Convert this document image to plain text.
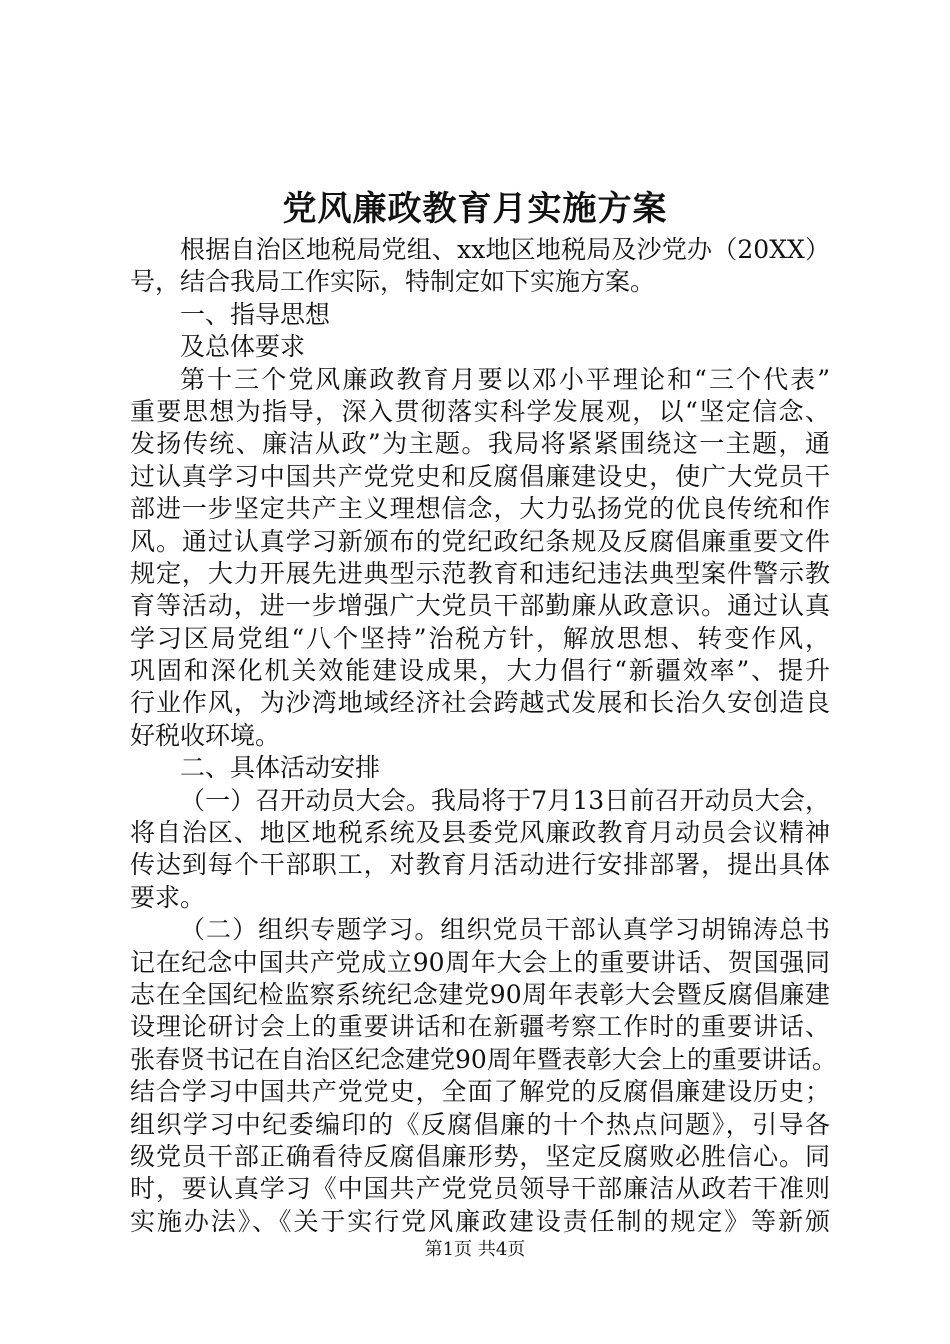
党风廉政教育月实施方案
根据自治区地税局党组、xx地区地税局及沙党办（20XX）
号，结合我局工作实际，特制定如下实施方案。
一、指导思想
及总体要求
第十三个党风廉政教育月要以邓小平理论和“三个代表”
重要思想为指导，深入贯彻落实科学发展观，以“坚定信念、
发扬传统、廉洁从政”为主题。我局将紧紧围绕这一主题，通
过认真学习中国共产党党史和反腐倡廉建设史，使广大党员干
部进一步坚定共产主义理想信念，大力弘扬党的优良传统和作
风。通过认真学习新颁布的党纪政纪条规及反腐倡廉重要文件
规定，大力开展先进典型示范教育和违纪违法典型案件警示教
育等活动，进一步增强广大党员干部勤廉从政意识。通过认真
学习区局党组“八个坚持”治税方针，解放思想、转变作风，
巩固和深化机关效能建设成果，大力倡行“新疆效率”、提升
行业作风，为沙湾地域经济社会跨越式发展和长治久安创造良
好税收环境。
二、具体活动安排
（一）召开动员大会。我局将于7月13日前召开动员大会，
将自治区、地区地税系统及县委党风廉政教育月动员会议精神
传达到每个干部职工，对教育月活动进行安排部署，提出具体
要求。
（二）组织专题学习。组织党员干部认真学习胡锦涛总书
记在纪念中国共产党成立90周年大会上的重要讲话、贺国强同
志在全国纪检监察系统纪念建党90周年表彰大会暨反腐倡廉建
设理论研讨会上的重要讲话和在新疆考察工作时的重要讲话、
张春贤书记在自治区纪念建党90周年暨表彰大会上的重要讲话。
结合学习中国共产党党史，全面了解党的反腐倡廉建设历史；
组织学习中纪委编印的《反腐倡廉的十个热点问题》，引导各
级党员干部正确看待反腐倡廉形势，坚定反腐败必胜信心。同
时，要认真学习《中国共产党党员领导干部廉洁从政若干准则
实施办法》、《关于实行党风廉政建设责任制的规定》等新颁
第1页 共4页
